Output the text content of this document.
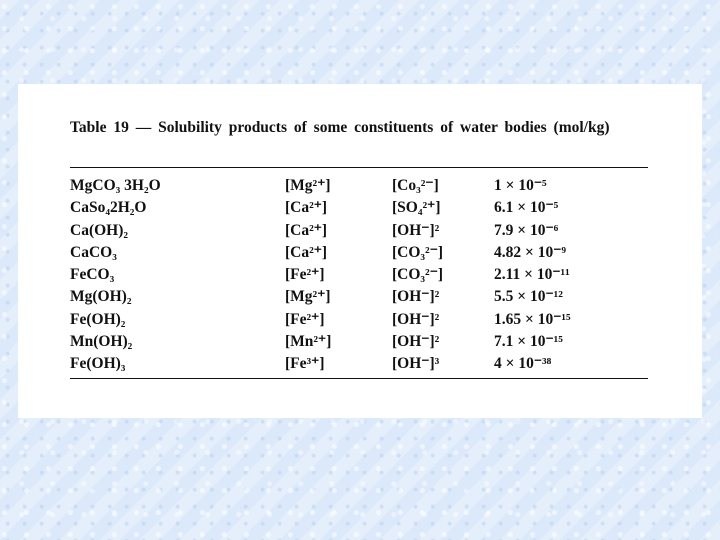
Table 19 — Solubility products of some constituents of water bodies (mol/kg)
MgCO₃ 3H₂O	[Mg²⁺]	[Co₃²⁻]	1 × 10⁻⁵
CaSo₄2H₂O	[Ca²⁺]	[SO₄²⁺]	6.1 × 10⁻⁵
Ca(OH)₂	[Ca²⁺]	[OH⁻]²	7.9 × 10⁻⁶
CaCO₃	[Ca²⁺]	[CO₃²⁻]	4.82 × 10⁻⁹
FeCO₃	[Fe²⁺]	[CO₃²⁻]	2.11 × 10⁻¹¹
Mg(OH)₂	[Mg²⁺]	[OH⁻]²	5.5 × 10⁻¹²
Fe(OH)₂	[Fe²⁺]	[OH⁻]²	1.65 × 10⁻¹⁵
Mn(OH)₂	[Mn²⁺]	[OH⁻]²	7.1 × 10⁻¹⁵
Fe(OH)₃	[Fe³⁺]	[OH⁻]³	4 × 10⁻³⁸
